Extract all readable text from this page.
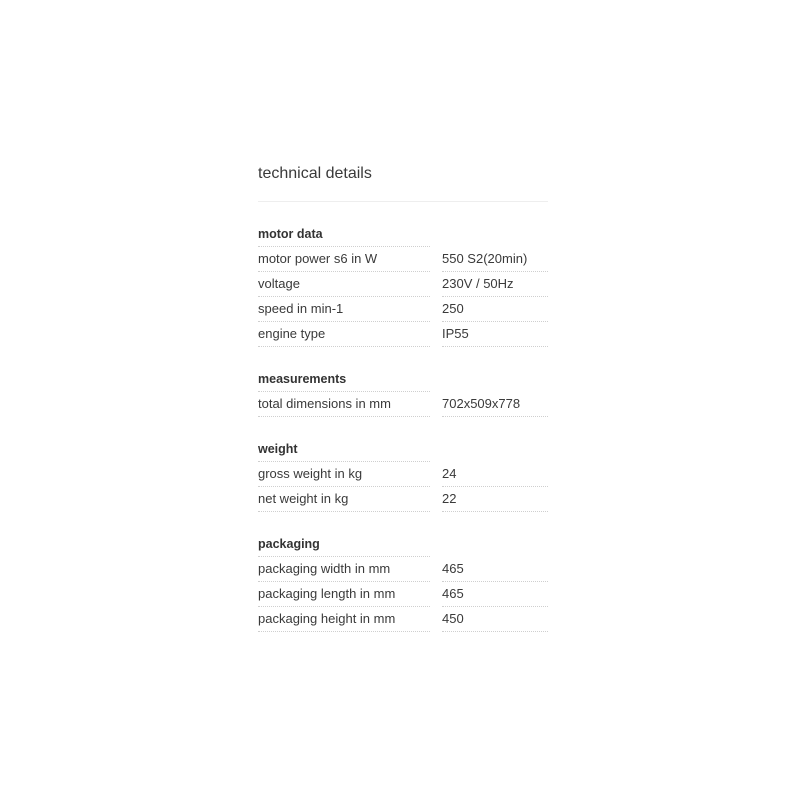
technical details
motor data
motor power s6 in W	550 S2(20min)
voltage	230V / 50Hz
speed in min-1	250
engine type	IP55
measurements
total dimensions in mm	702x509x778
weight
gross weight in kg	24
net weight in kg	22
packaging
packaging width in mm	465
packaging length in mm	465
packaging height in mm	450
